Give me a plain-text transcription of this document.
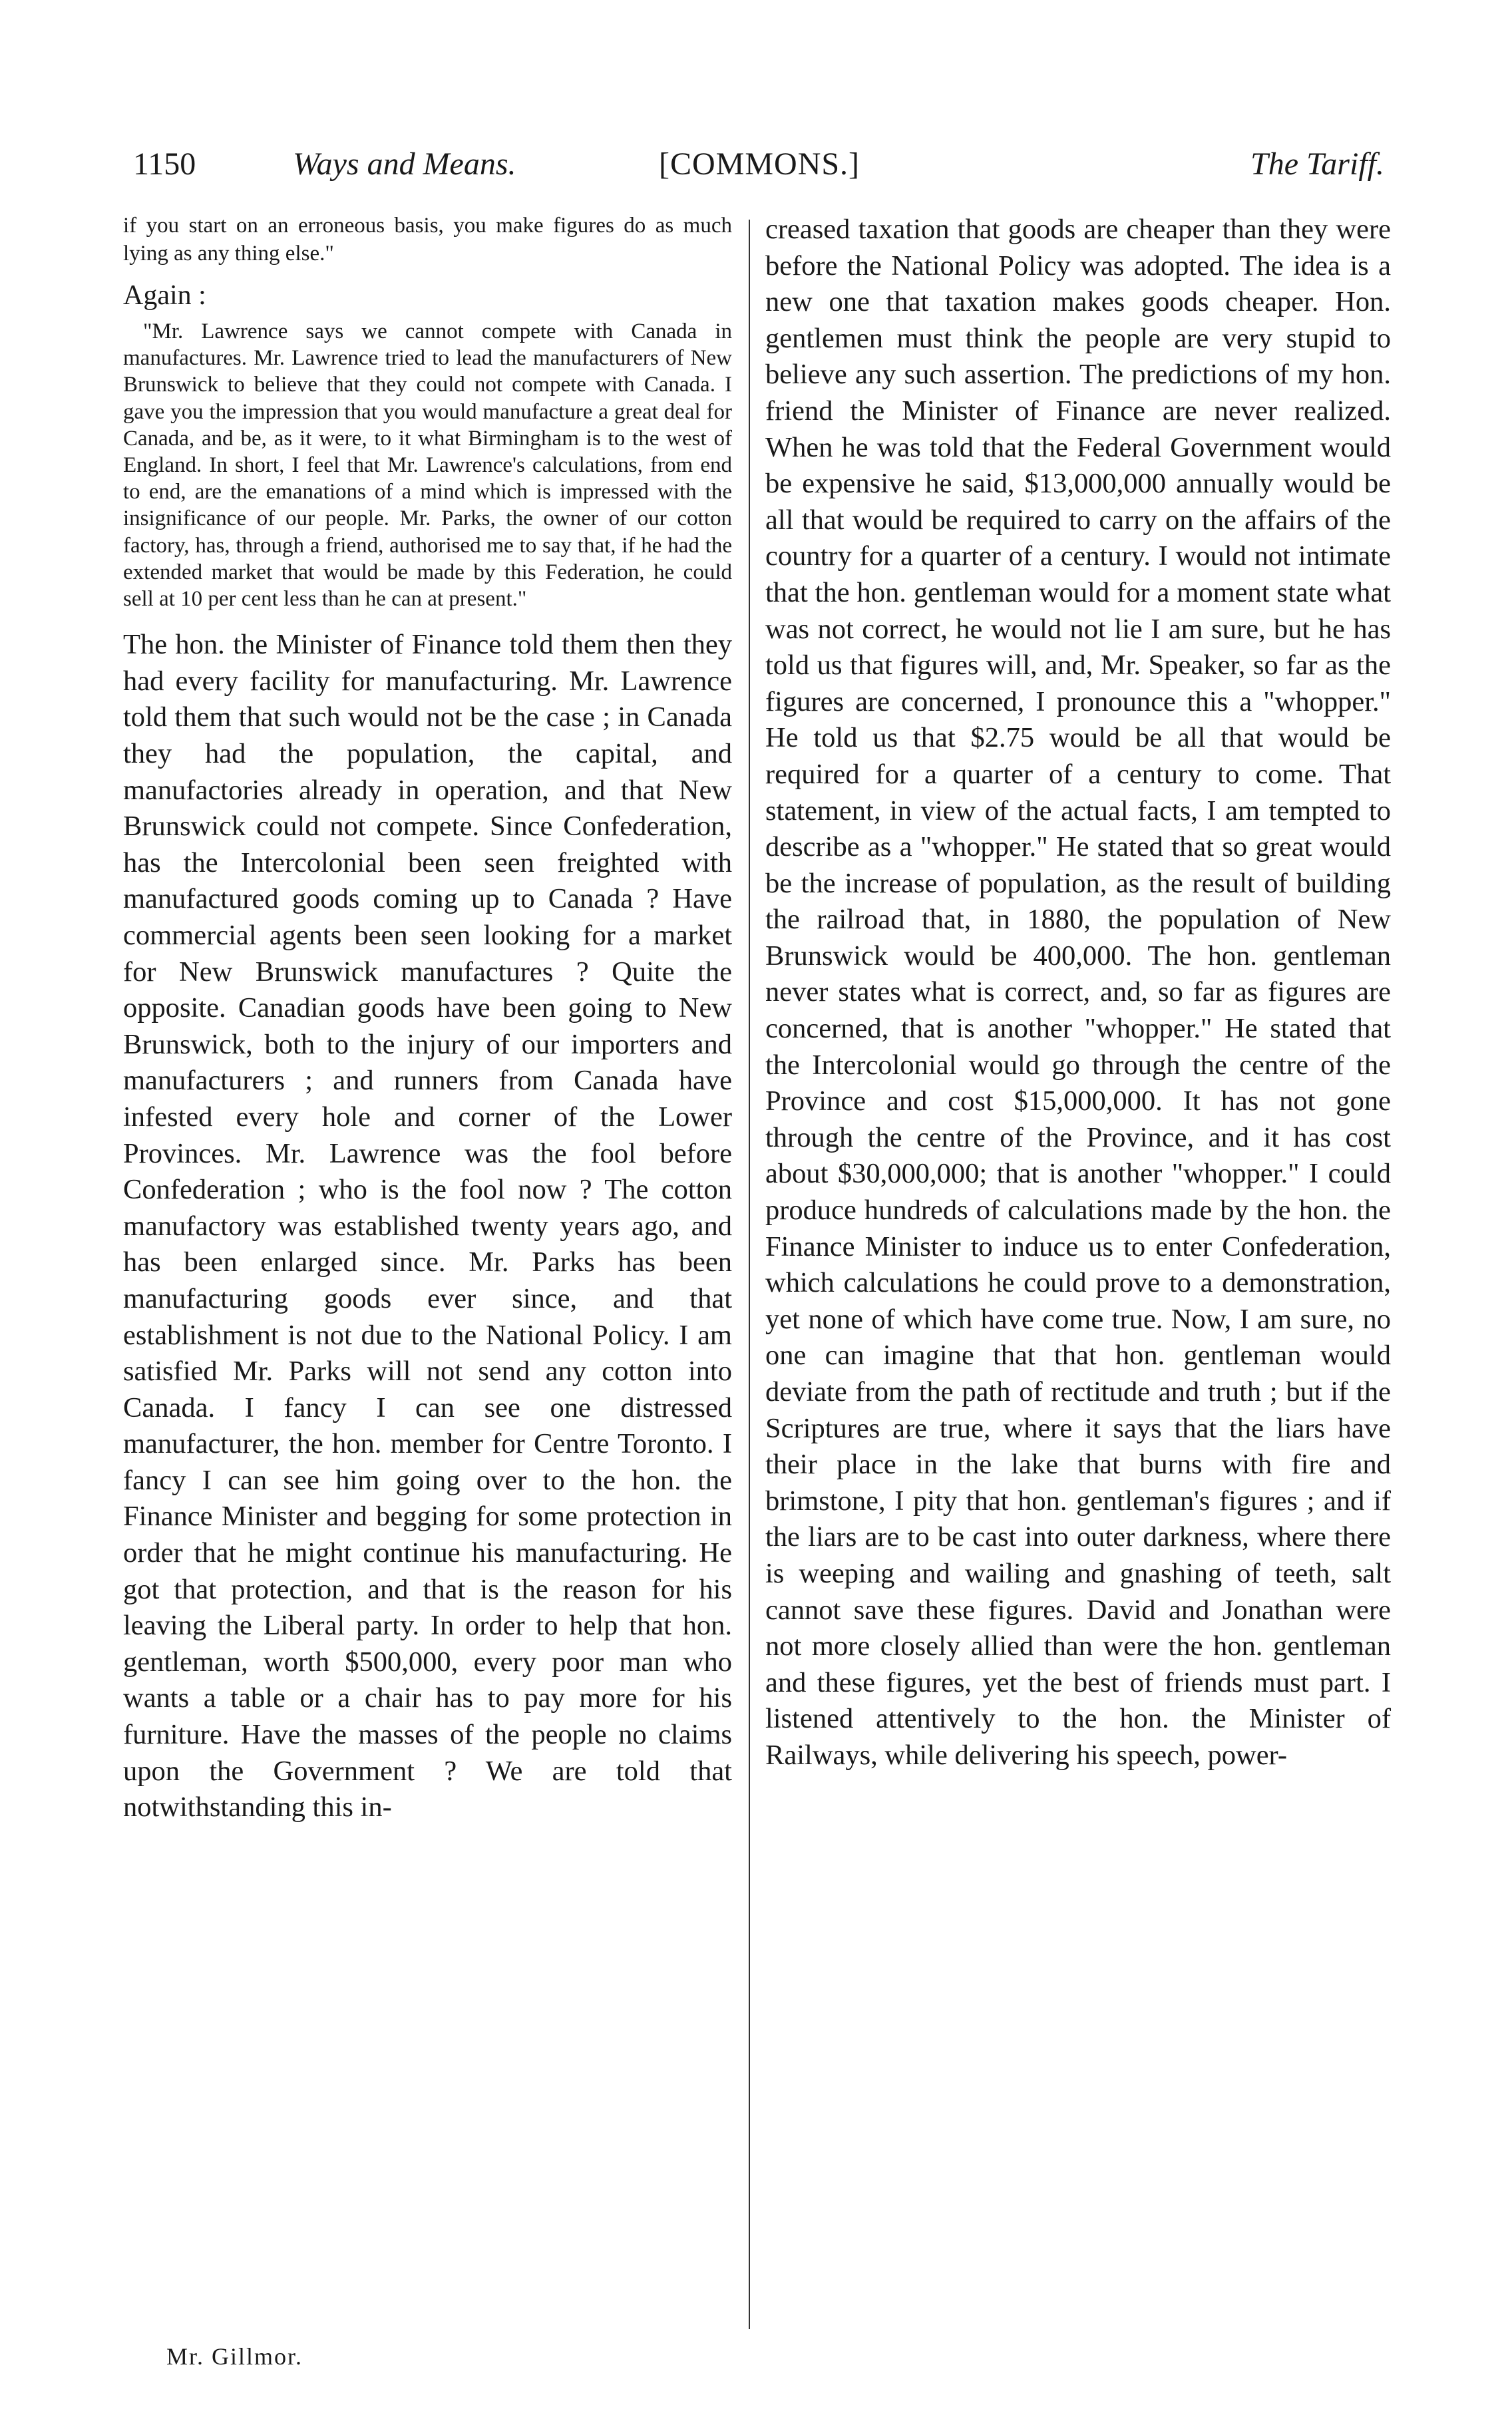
1150	Ways and Means.	[COMMONS.]	The Tariff.

if you start on an erroneous basis, you make figures do as much lying as any thing else."

Again :

"Mr. Lawrence says we cannot compete with Canada in manufactures. Mr. Lawrence tried to lead the manufacturers of New Brunswick to believe that they could not compete with Canada. I gave you the impression that you would manufacture a great deal for Canada, and be, as it were, to it what Birmingham is to the west of England. In short, I feel that Mr. Lawrence's calculations, from end to end, are the emanations of a mind which is impressed with the insignificance of our people. Mr. Parks, the owner of our cotton factory, has, through a friend, authorised me to say that, if he had the extended market that would be made by this Federation, he could sell at 10 per cent less than he can at present."

The hon. the Minister of Finance told them then they had every facility for manufacturing. Mr. Lawrence told them that such would not be the case ; in Canada they had the population, the capital, and manufactories already in operation, and that New Brunswick could not compete. Since Confederation, has the Intercolonial been seen freighted with manufactured goods coming up to Canada ? Have commercial agents been seen looking for a market for New Brunswick manufactures ? Quite the opposite. Canadian goods have been going to New Brunswick, both to the injury of our importers and manufacturers ; and runners from Canada have infested every hole and corner of the Lower Provinces. Mr. Lawrence was the fool before Confederation ; who is the fool now ? The cotton manufactory was established twenty years ago, and has been enlarged since. Mr. Parks has been manufacturing goods ever since, and that establishment is not due to the National Policy. I am satisfied Mr. Parks will not send any cotton into Canada. I fancy I can see one distressed manufacturer, the hon. member for Centre Toronto. I fancy I can see him going over to the hon. the Finance Minister and begging for some protection in order that he might continue his manufacturing. He got that protection, and that is the reason for his leaving the Liberal party. In order to help that hon. gentleman, worth $500,000, every poor man who wants a table or a chair has to pay more for his furniture. Have the masses of the people no claims upon the Government ? We are told that notwithstanding this in-

creased taxation that goods are cheaper than they were before the National Policy was adopted. The idea is a new one that taxation makes goods cheaper. Hon. gentlemen must think the people are very stupid to believe any such assertion. The predictions of my hon. friend the Minister of Finance are never realized. When he was told that the Federal Government would be expensive he said, $13,000,000 annually would be all that would be required to carry on the affairs of the country for a quarter of a century. I would not intimate that the hon. gentleman would for a moment state what was not correct, he would not lie I am sure, but he has told us that figures will, and, Mr. Speaker, so far as the figures are concerned, I pronounce this a "whopper." He told us that $2.75 would be all that would be required for a quarter of a century to come. That statement, in view of the actual facts, I am tempted to describe as a "whopper." He stated that so great would be the increase of population, as the result of building the railroad that, in 1880, the population of New Brunswick would be 400,000. The hon. gentleman never states what is correct, and, so far as figures are concerned, that is another "whopper." He stated that the Intercolonial would go through the centre of the Province and cost $15,000,000. It has not gone through the centre of the Province, and it has cost about $30,000,000; that is another "whopper." I could produce hundreds of calculations made by the hon. the Finance Minister to induce us to enter Confederation, which calculations he could prove to a demonstration, yet none of which have come true. Now, I am sure, no one can imagine that that hon. gentleman would deviate from the path of rectitude and truth ; but if the Scriptures are true, where it says that the liars have their place in the lake that burns with fire and brimstone, I pity that hon. gentleman's figures ; and if the liars are to be cast into outer darkness, where there is weeping and wailing and gnashing of teeth, salt cannot save these figures. David and Jonathan were not more closely allied than were the hon. gentleman and these figures, yet the best of friends must part. I listened attentively to the hon. the Minister of Railways, while delivering his speech, power-

Mr. Gillmor.
